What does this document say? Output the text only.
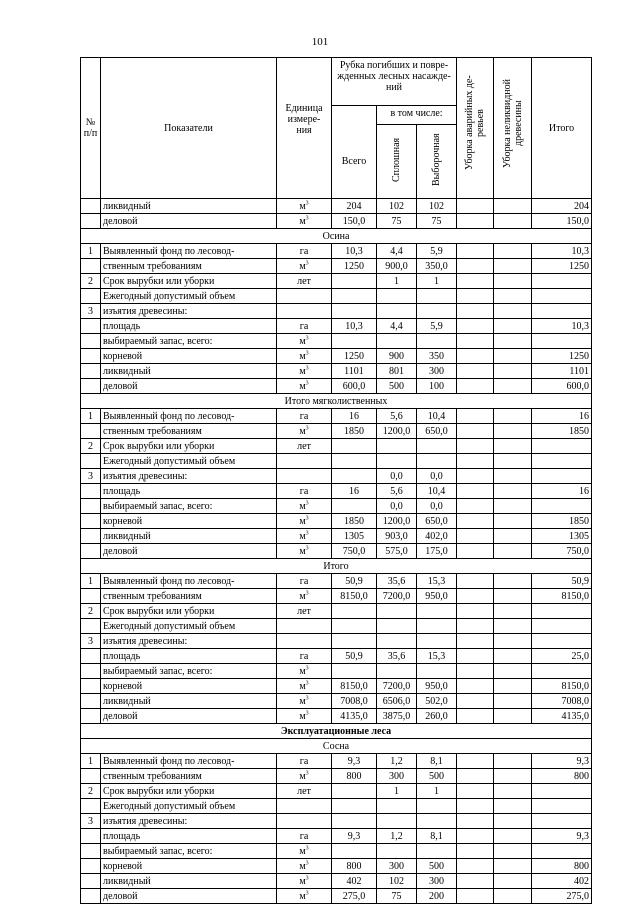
101
№
п/п	Показатели	Единица
измере-
ния	Рубка погибших и повре-
жденных лесных насажде-
ний			Уборка аварийных де-
ревьев	Уборка неликвидной
древесины	Итого
			Всего	в том числе:				
				Сплошная	Выборочная			
	ликвидный	$м^3$	204	102	102			204
	деловой	$м^3$	150,0	75	75			150,0
Осина								
1	Выявленный фонд по лесовод-	га	10,3	4,4	5,9			10,3
	ственным требованиям	$м^3$	1250	900,0	350,0			1250
2	Срок вырубки или уборки	лет		1	1			
	Ежегодный допустимый объем							
3	изъятия древесины:							
	площадь	га	10,3	4,4	5,9			10,3
	выбираемый запас, всего:	$м^3$						
	корневой	$м^3$	1250	900	350			1250
	ликвидный	$м^3$	1101	801	300			1101
	деловой	$м^3$	600,0	500	100			600,0
Итого мягколиственных								
1	Выявленный фонд по лесовод-	га	16	5,6	10,4			16
	ственным требованиям	$м^3$	1850	1200,0	650,0			1850
2	Срок вырубки или уборки	лет						
	Ежегодный допустимый объем							
3	изъятия древесины:			0,0	0,0			
	площадь	га	16	5,6	10,4			16
	выбираемый запас, всего:	$м^3$		0,0	0,0			
	корневой	$м^3$	1850	1200,0	650,0			1850
	ликвидный	$м^3$	1305	903,0	402,0			1305
	деловой	$м^3$	750,0	575,0	175,0			750,0
Итого								
1	Выявленный фонд по лесовод-	га	50,9	35,6	15,3			50,9
	ственным требованиям	$м^3$	8150,0	7200,0	950,0			8150,0
2	Срок вырубки или уборки	лет						
	Ежегодный допустимый объем							
3	изъятия древесины:							
	площадь	га	50,9	35,6	15,3			25,0
	выбираемый запас, всего:	$м^3$						
	корневой	$м^3$	8150,0	7200,0	950,0			8150,0
	ликвидный	$м^3$	7008,0	6506,0	502,0			7008,0
	деловой	$м^3$	4135,0	3875,0	260,0			4135,0
Эксплуатационные леса								
Сосна								
1	Выявленный фонд по лесовод-	га	9,3	1,2	8,1			9,3
	ственным требованиям	$м^3$	800	300	500			800
2	Срок вырубки или уборки	лет		1	1			
	Ежегодный допустимый объем							
3	изъятия древесины:							
	площадь	га	9,3	1,2	8,1			9,3
	выбираемый запас, всего:	$м^3$						
	корневой	$м^3$	800	300	500			800
	ликвидный	$м^3$	402	102	300			402
	деловой	$м^3$	275,0	75	200			275,0
